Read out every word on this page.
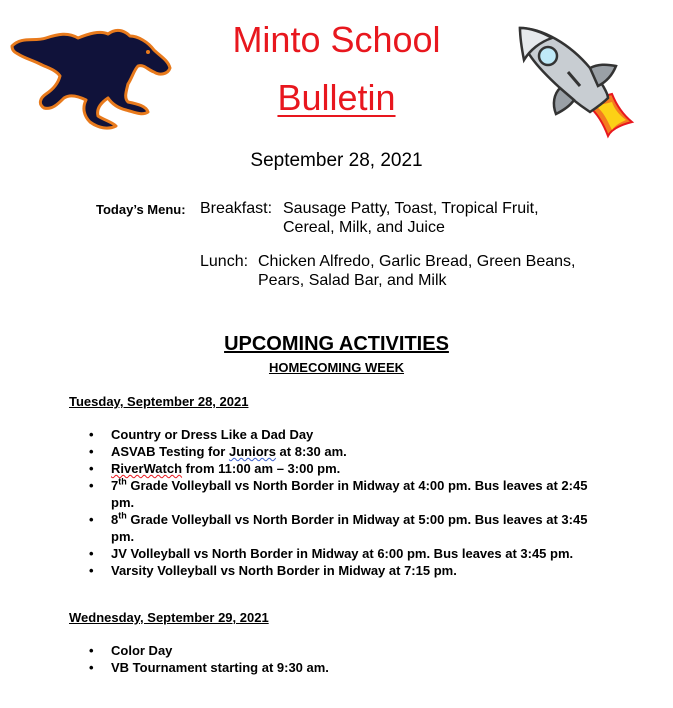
Minto School
Bulletin
September 28, 2021
Today’s Menu: Breakfast: Sausage Patty, Toast, Tropical Fruit,
Cereal, Milk, and Juice
Lunch: Chicken Alfredo, Garlic Bread, Green Beans,
Pears, Salad Bar, and Milk
UPCOMING ACTIVITIES
HOMECOMING WEEK
Tuesday, September 28, 2021
• Country or Dress Like a Dad Day
• ASVAB Testing for Juniors at 8:30 am.
• RiverWatch from 11:00 am – 3:00 pm.
• 7th Grade Volleyball vs North Border in Midway at 4:00 pm. Bus leaves at 2:45 pm.
• 8th Grade Volleyball vs North Border in Midway at 5:00 pm. Bus leaves at 3:45 pm.
• JV Volleyball vs North Border in Midway at 6:00 pm. Bus leaves at 3:45 pm.
• Varsity Volleyball vs North Border in Midway at 7:15 pm.
Wednesday, September 29, 2021
• Color Day
• VB Tournament starting at 9:30 am.
